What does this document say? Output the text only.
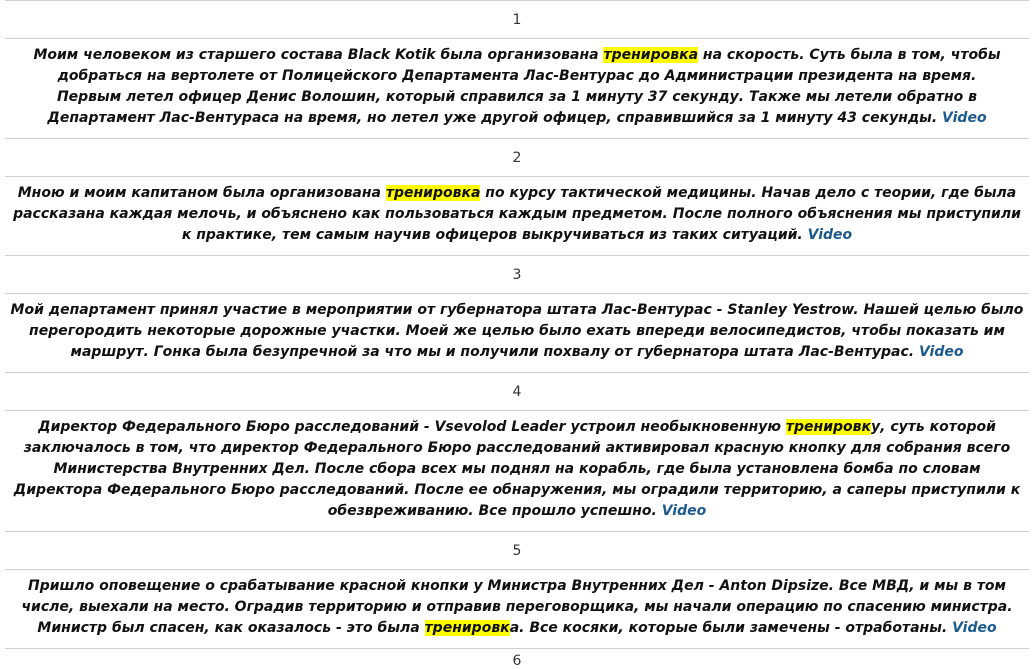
1
Моим человеком из старшего состава Black Kotik была организована тренировка на скорость. Суть была в том, чтобы добраться на вертолете от Полицейского Департамента Лас-Вентурас до Администрации президента на время.
Первым летел офицер Денис Волошин, который справился за 1 минуту 37 секунду. Также мы летели обратно в Департамент Лас-Вентураса на время, но летел уже другой офицер, справившийся за 1 минуту 43 секунды. Video
2
Мною и моим капитаном была организована тренировка по курсу тактической медицины. Начав дело с теории, где была рассказана каждая мелочь, и объяснено как пользоваться каждым предметом. После полного объяснения мы приступили к практике, тем самым научив офицеров выкручиваться из таких ситуаций. Video
3
Мой департамент принял участие в мероприятии от губернатора штата Лас-Вентурас - Stanley Yestrow. Нашей целью было перегородить некоторые дорожные участки. Моей же целью было ехать впереди велосипедистов, чтобы показать им маршрут. Гонка была безупречной за что мы и получили похвалу от губернатора штата Лас-Вентурас. Video
4
Директор Федерального Бюро расследований - Vsevolod Leader устроил необыкновенную тренировку, суть которой заключалось в том, что директор Федерального Бюро расследований активировал красную кнопку для собрания всего Министерства Внутренних Дел. После сбора всех мы поднял на корабль, где была установлена бомба по словам Директора Федерального Бюро расследований. После ее обнаружения, мы оградили территорию, а саперы приступили к обезвреживанию. Все прошло успешно. Video
5
Пришло оповещение о срабатывание красной кнопки у Министра Внутренних Дел - Anton Dipsize. Все МВД, и мы в том числе, выехали на место. Оградив территорию и отправив переговорщика, мы начали операцию по спасению министра. Министр был спасен, как оказалось - это была тренировка. Все косяки, которые были замечены - отработаны. Video
6
